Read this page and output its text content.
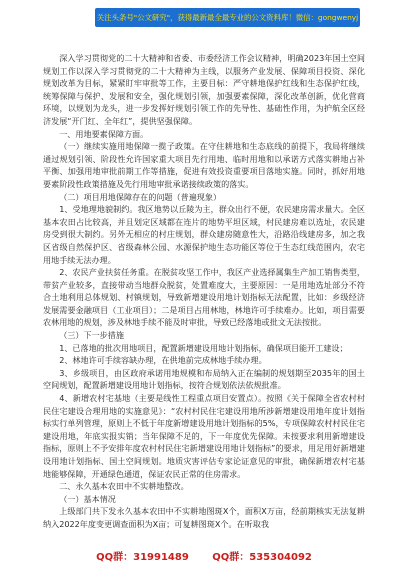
关注头条号"公文研究"，获得最新最全最专业的公文资料库！微信：gongwenyj

深入学习贯彻党的二十大精神和省委、市委经济工作会议精神，明确2023年国土空间规划工作以深入学习贯彻党的二十大精神为主线，以服务产业发展、保障项目投资、深化规划改革为目标，紧紧盯牢审批等工作，主要目标：严守耕地保护红线和生态保护红线，统筹保障与保护、发展和安全，强化规划引领，加强要素保障，深化改革创新，优化营商环境，以规划为龙头，进一步发挥好规划引领工作的先导性、基础性作用，为护航全区经济发展“开门红、全年红”，提供坚强保障。

一、用地要素保障方面。

（一）继续实施用地保障一揽子政策。在守住耕地和生态底线的前提下，我局将继续通过规划引领、阶段性允许国家重大项目先行用地、临时用地和以承诺方式落实耕地占补平衡、加强用地审批前期工作等措施，促进有效投资重要项目落地实施。同时，抓好用地要素阶段性政策措施及先行用地审批承诺接续政策的落实。

（二）项目用地保障存在的问题（普遍现象）

1、受地理地貌制约。我区地势以丘陵为主，群众出行不便，农民建房需求量大。全区基本农田占比较高，并且划定区域都在连片的地势平坦区域，村民建房难以选址，农民建房受到很大制约。另外无相应的村庄规划，群众建房随意性大，沿路沿线建房多，加之我区省级自然保护区、省级森林公园、水源保护地生态功能区等位于生态红线范围内，农宅用地手续无法办理。

2、农民产业扶贫任务重。在脱贫攻坚工作中，我区产业选择属集生产加工销售类型，带贫产业较多，直接带动当地群众脱贫，处置难度大，主要原因：一是用地选址部分不符合土地利用总体规划、村镇规划，导致新增建设用地计划指标无法配置，比如：乡级经济发展需要金融项目（工业项目）；二是项目占用林地，林地许可手续难办。比如，项目需要农林用地的规划，涉及林地手续不能及时审批，导致已经落地或批文无法按批。

（三）下一步措施

1、已落地的批次用地项目，配置新增建设用地计划指标，确保项目能开工建设；

2、林地许可手续容缺办理，在供地前完成林地手续办理。

3、乡级项目，由区政府承诺用地规模和布局纳入正在编制的规划期至2035年的国土空间规划，配置新增建设用地计划指标，按符合规划依法依规批准。

4、新增农村宅基地（主要是线性工程重点项目安置点）。按照《关于保障全省农村村民住宅建设合理用地的实施意见》：“农村村民住宅建设用地所涉新增建设用地年度计划指标实行单列管理，原则上不低于年度新增建设用地计划指标的5%，专项保障农村村民住宅建设用地，年底实报实销；当年保障不足的，下一年度优先保障。未按要求利用新增建设指标，原则上不予安排年度农村村民住宅新增建设用地计划指标”的要求，用足用好新增建设用地计划指标、国土空间规划。地质灾害评估专家论证意见的审批，确保新增农村宅基地能够保障，开通绿色通道，保证农民正常的住房需求。

二、永久基本农田中不实耕地整改。

（一）基本情况

上级部门共下发永久基本农田中不实耕地图斑X个，面积X万亩，经前期核实无法复耕纳入2022年度变更调查面积为X亩；可复耕图斑X个。在听取我

QQ群：31991489 QQ群：535304092
